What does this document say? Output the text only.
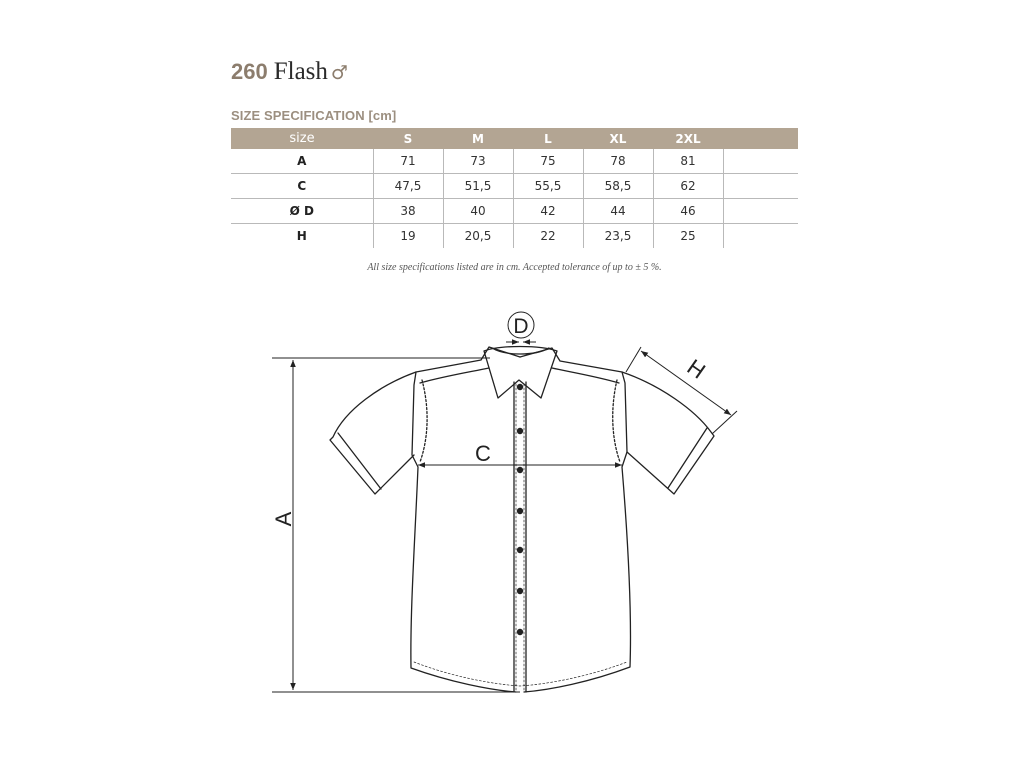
260 Flash ♂
SIZE SPECIFICATION [cm]
size	S	M	L	XL	2XL	
A	71	73	75	78	81	
C	47,5	51,5	55,5	58,5	62	
Ø D	38	40	42	44	46	
H	19	20,5	22	23,5	25	
All size specifications listed are in cm. Accepted tolerance of up to ± 5 %.
A
C
D
H
